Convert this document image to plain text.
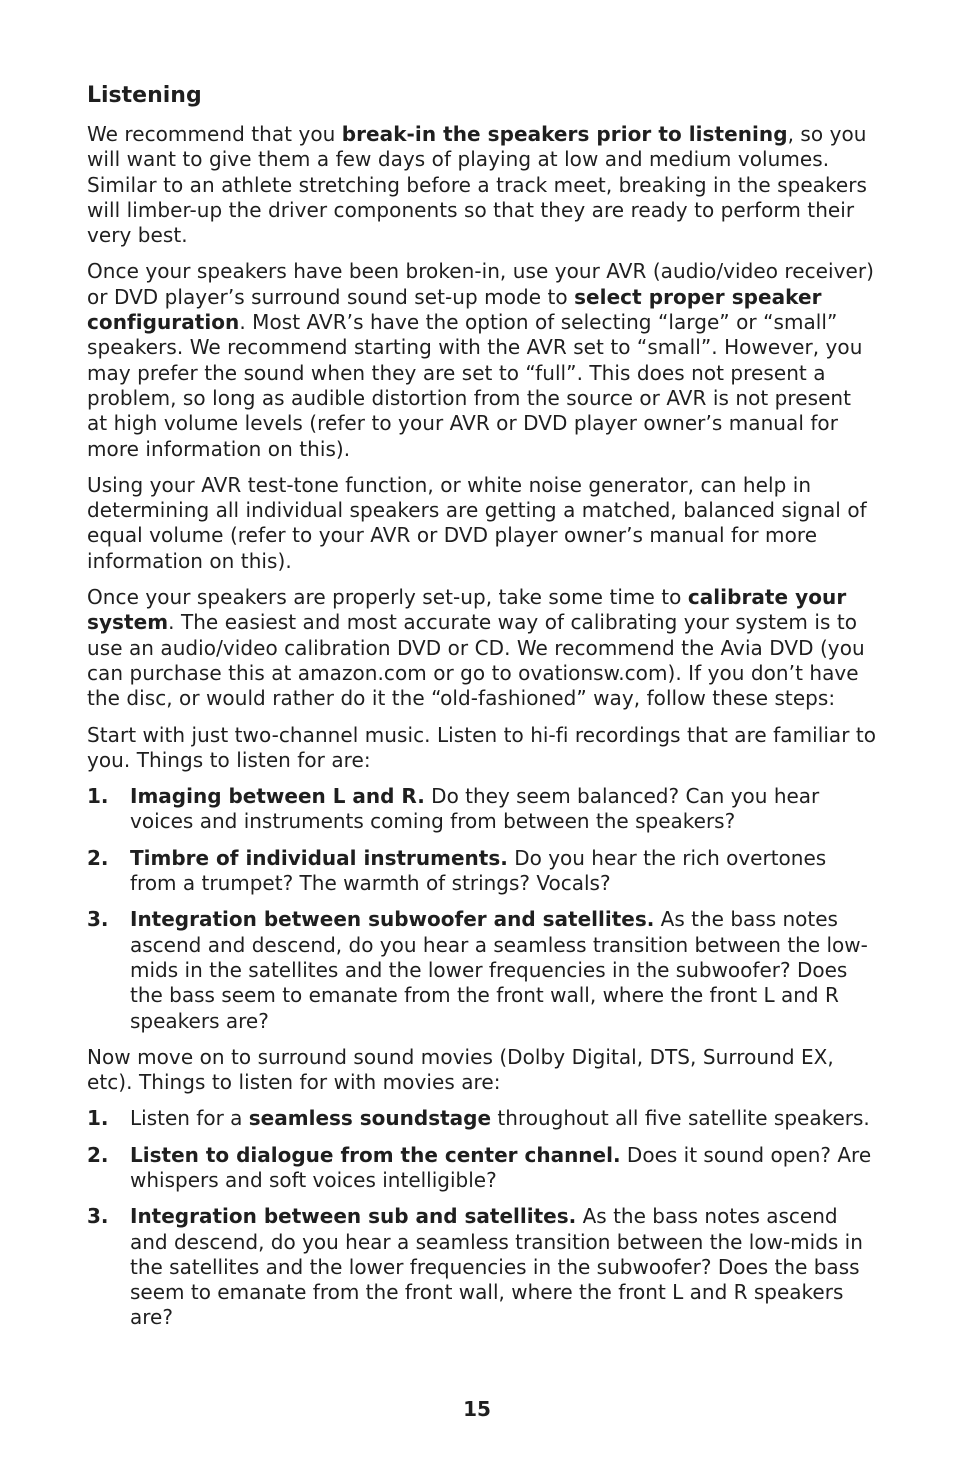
Listening

We recommend that you break-in the speakers prior to listening, so you will want to give them a few days of playing at low and medium volumes. Similar to an athlete stretching before a track meet, breaking in the speakers will limber-up the driver components so that they are ready to perform their very best.

Once your speakers have been broken-in, use your AVR (audio/video receiver) or DVD player’s surround sound set-up mode to select proper speaker configuration. Most AVR’s have the option of selecting “large” or “small” speakers. We recommend starting with the AVR set to “small”. However, you may prefer the sound when they are set to “full”. This does not present a problem, so long as audible distortion from the source or AVR is not present at high volume levels (refer to your AVR or DVD player owner’s manual for more information on this).

Using your AVR test-tone function, or white noise generator, can help in determining all individual speakers are getting a matched, balanced signal of equal volume (refer to your AVR or DVD player owner’s manual for more information on this).

Once your speakers are properly set-up, take some time to calibrate your system. The easiest and most accurate way of calibrating your system is to use an audio/video calibration DVD or CD. We recommend the Avia DVD (you can purchase this at amazon.com or go to ovationsw.com). If you don’t have the disc, or would rather do it the “old-fashioned” way, follow these steps:

Start with just two-channel music. Listen to hi-fi recordings that are familiar to you. Things to listen for are:

1. Imaging between L and R. Do they seem balanced? Can you hear voices and instruments coming from between the speakers?
2. Timbre of individual instruments. Do you hear the rich overtones from a trumpet? The warmth of strings? Vocals?
3. Integration between subwoofer and satellites. As the bass notes ascend and descend, do you hear a seamless transition between the low-mids in the satellites and the lower frequencies in the subwoofer? Does the bass seem to emanate from the front wall, where the front L and R speakers are?

Now move on to surround sound movies (Dolby Digital, DTS, Surround EX, etc). Things to listen for with movies are:

1. Listen for a seamless soundstage throughout all five satellite speakers.
2. Listen to dialogue from the center channel. Does it sound open? Are whispers and soft voices intelligible?
3. Integration between sub and satellites. As the bass notes ascend and descend, do you hear a seamless transition between the low-mids in the satellites and the lower frequencies in the subwoofer? Does the bass seem to emanate from the front wall, where the front L and R speakers are?
15
